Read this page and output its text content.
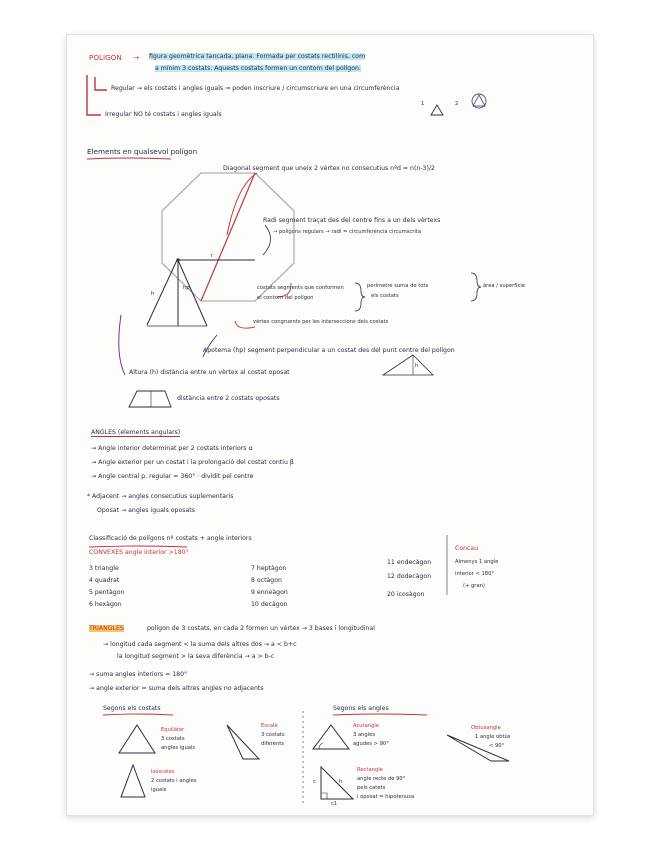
POLIGON → figura geomètrica tancada, plana. Formada per costats rectilinis, com
a mínim 3 costats. Aquests costats formen un contorn del polígon.
Regular → els costats i angles iguals ⇒ poden inscriure / circumscriure en una circumferència
Irregular NO té costats i angles iguals
1	2
Elements en qualsevol polígon
Diagonal segment que uneix 2 vèrtex no consecutius nºd = n(n-3)/2
Radi segment traçat des del centre fins a un dels vèrtexs
→ polígons regulars → radi = circumferència circumscrita
costats segments que conformen
el contorn del polígon
perímetre suma de tots
els costats
àrea / superfície
vèrtex congruents per les interseccions dels costats
Apotema (hp) segment perpendicular a un costat des del punt centre del polígon
Altura (h) distància entre un vèrtex al costat oposat
distància entre 2 costats oposats
h
hp
r
h
ANGLES (elements angulars)
→ Angle interior determinat per 2 costats interiors α
→ Angle exterior per un costat i la prolongació del costat contiu β
→ Angle central p. regular = 360° · dividit pel centre
* Adjacent → angles consecutius suplementaris
Oposat → angles iguals oposats
Classificació de polígons nº costats + angle interiors
CONVEXES angle interior >180°
3 triangle
4 quadrat
5 pentàgon
6 hexàgon
7 heptàgon
8 octàgon
9 enneàgon
10 decàgon
11 endecàgon
12 dodecàgon
20 icosàgon
Concau
Almenys 1 angle
interior < 180°
(+ gran)
TRIANGLES	polígon de 3 costats, en cada 2 formen un vèrtex → 3 bases i longitudinal
→ longitud cada segment < la suma dels altres dos → a < b+c
la longitud segment > la seva diferència → a > b-c
→ suma angles interiors = 180°
→ angle exterior = suma dels altres angles no adjacents
Segons els costats
Equilàter
3 costats
angles iguals
Escalè
3 costats
diferents
Isòsceles
2 costats i angles
iguals
Segons els angles
Acutangle
3 angles
agudes > 90°
Obtusangle
1 angle obtús
< 90°
Rectangle
angle recte de 90°
pels catets
i oposat = hipotenusa
c
c1
h
